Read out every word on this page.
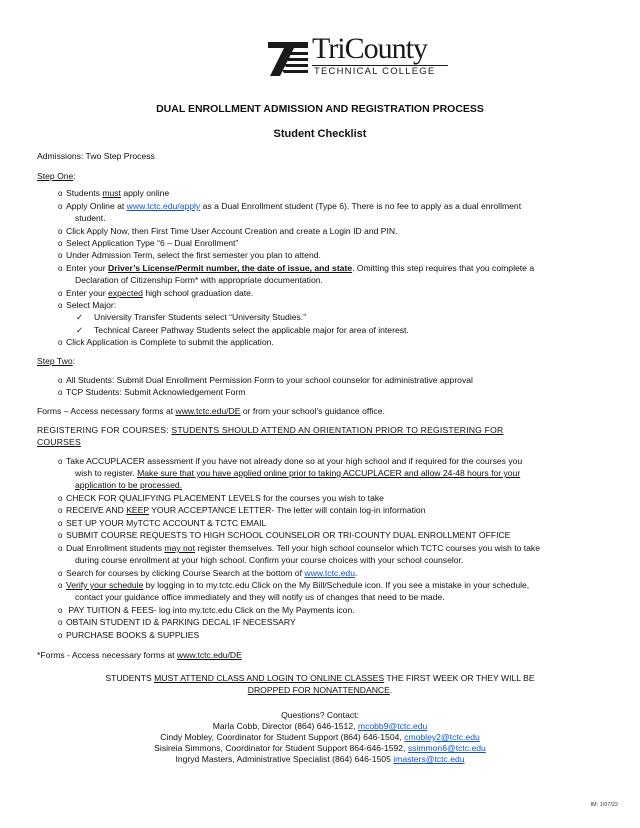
TriCounty
TECHNICAL COLLEGE
DUAL ENROLLMENT ADMISSION AND REGISTRATION PROCESS
Student Checklist
Admissions: Two Step Process
Step One:
o Students must apply online
o Apply Online at www.tctc.edu/apply as a Dual Enrollment student (Type 6). There is no fee to apply as a dual enrollment
student.
o Click Apply Now, then First Time User Account Creation and create a Login ID and PIN.
o Select Application Type “6 – Dual Enrollment”
o Under Admission Term, select the first semester you plan to attend.
o Enter your Driver’s License/Permit number, the date of issue, and state. Omitting this step requires that you complete a
Declaration of Citizenship Form* with appropriate documentation.
o Enter your expected high school graduation date.
o Select Major:
✓ University Transfer Students select “University Studies.”
✓ Technical Career Pathway Students select the applicable major for area of interest.
o Click Application is Complete to submit the application.
Step Two:
o All Students: Submit Dual Enrollment Permission Form to your school counselor for administrative approval
o TCP Students: Submit Acknowledgement Form
Forms – Access necessary forms at www.tctc.edu/DE or from your school’s guidance office.
REGISTERING FOR COURSES: STUDENTS SHOULD ATTEND AN ORIENTATION PRIOR TO REGISTERING FOR
COURSES
o Take ACCUPLACER assessment if you have not already done so at your high school and if required for the courses you
wish to register. Make sure that you have applied online prior to taking ACCUPLACER and allow 24-48 hours for your
application to be processed.
o CHECK FOR QUALIFYING PLACEMENT LEVELS for the courses you wish to take
o RECEIVE AND KEEP YOUR ACCEPTANCE LETTER- The letter will contain log-in information
o SET UP YOUR MyTCTC ACCOUNT & TCTC EMAIL
o SUBMIT COURSE REQUESTS TO HIGH SCHOOL COUNSELOR OR TRI-COUNTY DUAL ENROLLMENT OFFICE
o Dual Enrollment students may not register themselves. Tell your high school counselor which TCTC courses you wish to take
during course enrollment at your high school. Confirm your course choices with your school counselor.
o Search for courses by clicking Course Search at the bottom of www.tctc.edu.
o Verify your schedule by logging in to my.tctc.edu Click on the My Bill/Schedule icon. If you see a mistake in your schedule,
contact your guidance office immediately and they will notify us of changes that need to be made.
o PAY TUITION & FEES- log into my.tctc.edu Click on the My Payments icon.
o OBTAIN STUDENT ID & PARKING DECAL IF NECESSARY
o PURCHASE BOOKS & SUPPLIES
*Forms - Access necessary forms at www.tctc.edu/DE
STUDENTS MUST ATTEND CLASS AND LOGIN TO ONLINE CLASSES THE FIRST WEEK OR THEY WILL BE
DROPPED FOR NONATTENDANCE.
Questions? Contact:
Marla Cobb, Director (864) 646-1512, mcobb9@tctc.edu
Cindy Mobley, Coordinator for Student Support (864) 646-1504, cmobley2@tctc.edu
Sisireia Simmons, Coordinator for Student Support 864-646-1592, ssimmon6@tctc.edu
Ingryd Masters, Administrative Specialist (864) 646-1505 imasters@tctc.edu
IM: 1/07/22
